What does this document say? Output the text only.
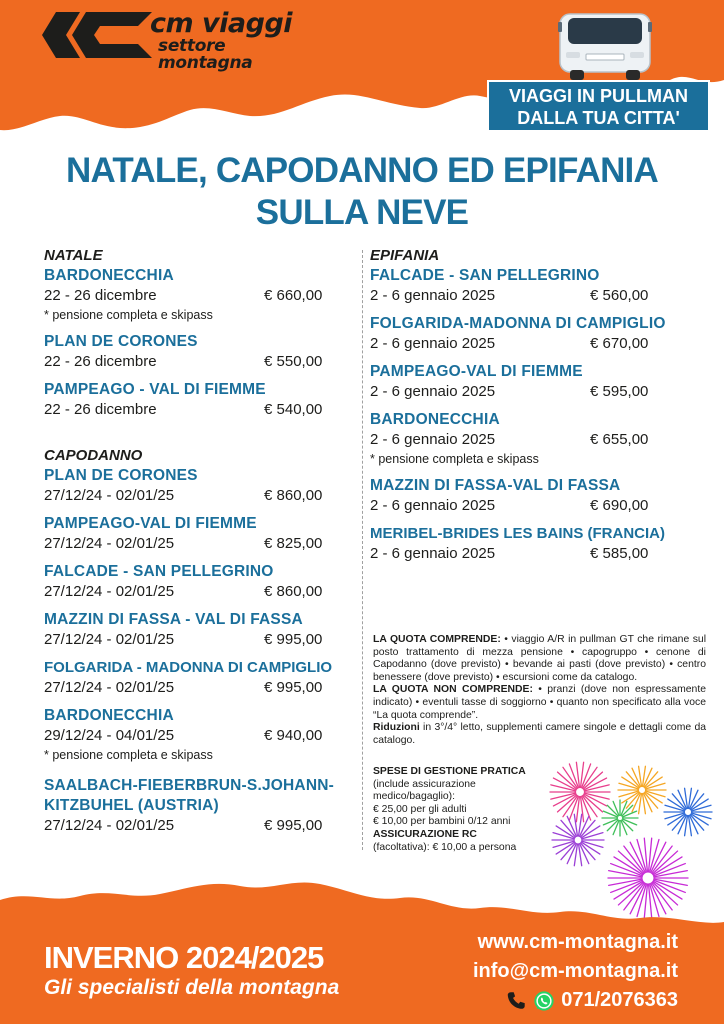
cm viaggi
settore montagna
VIAGGI IN PULLMAN
DALLA TUA CITTA'
NATALE, CAPODANNO ED EPIFANIA
SULLA NEVE
NATALE
BARDONECCHIA
22 - 26 dicembre	€ 660,00
* pensione completa e skipass
PLAN DE CORONES
22 - 26 dicembre	€ 550,00
PAMPEAGO - VAL DI FIEMME
22 - 26 dicembre	€ 540,00
CAPODANNO
PLAN DE CORONES
27/12/24 - 02/01/25	€ 860,00
PAMPEAGO-VAL DI FIEMME
27/12/24 - 02/01/25	€ 825,00
FALCADE - SAN PELLEGRINO
27/12/24 - 02/01/25	€ 860,00
MAZZIN DI FASSA - VAL DI FASSA
27/12/24 - 02/01/25	€ 995,00
FOLGARIDA - MADONNA DI CAMPIGLIO
27/12/24 - 02/01/25	€ 995,00
BARDONECCHIA
29/12/24 - 04/01/25	€ 940,00
* pensione completa e skipass
SAALBACH-FIEBERBRUN-S.JOHANN-
KITZBUHEL (AUSTRIA)
27/12/24 - 02/01/25	€ 995,00
EPIFANIA
FALCADE - SAN PELLEGRINO
2 - 6 gennaio 2025	€ 560,00
FOLGARIDA-MADONNA DI CAMPIGLIO
2 - 6 gennaio 2025	€ 670,00
PAMPEAGO-VAL DI FIEMME
2 - 6 gennaio 2025	€ 595,00
BARDONECCHIA
2 - 6 gennaio 2025	€ 655,00
* pensione completa e skipass
MAZZIN DI FASSA-VAL DI FASSA
2 - 6 gennaio 2025	€ 690,00
MERIBEL-BRIDES LES BAINS (FRANCIA)
2 - 6 gennaio 2025	€ 585,00

LA QUOTA COMPRENDE: • viaggio A/R in pullman GT che rimane sul posto trattamento di mezza pensione • capogruppo • cenone di Capodanno (dove previsto) • bevande ai pasti (dove previsto) • centro benessere (dove previsto) • escursioni come da catalogo.

LA QUOTA NON COMPRENDE: • pranzi (dove non espressamente indicato) • eventuli tasse di soggiorno • quanto non specificato alla voce “La quota comprende”.

Riduzioni in 3°/4° letto, supplementi camere singole e dettagli come da catalogo.

SPESE DI GESTIONE PRATICA
(include assicurazione
medico/bagaglio):
€ 25,00 per gli adulti
€ 10,00 per bambini 0/12 anni
ASSICURAZIONE RC
(facoltativa): € 10,00 a persona
INVERNO 2024/2025
Gli specialisti della montagna
www.cm-montagna.it
info@cm-montagna.it
071/2076363
